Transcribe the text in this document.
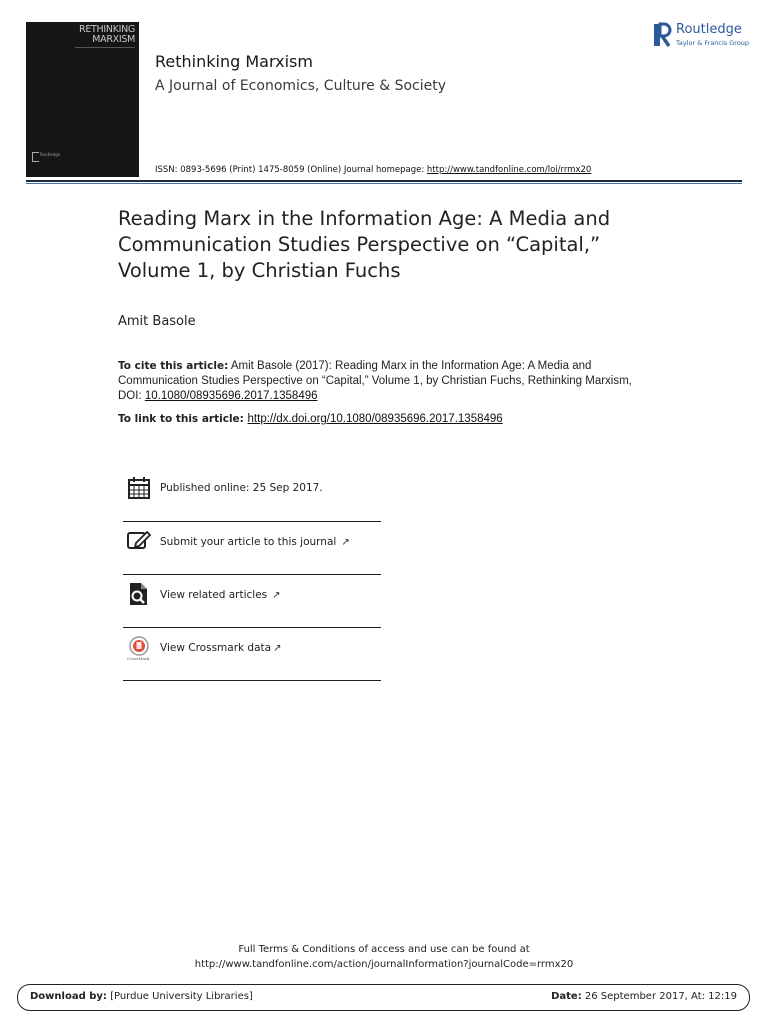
RETHINKING
MARXISM
Routledge
Rethinking Marxism
A Journal of Economics, Culture & Society
ISSN: 0893-5696 (Print) 1475-8059 (Online) Journal homepage: http://www.tandfonline.com/loi/rrmx20
Routledge
Taylor & Francis Group
Reading Marx in the Information Age: A Media and Communication Studies Perspective on “Capital,” Volume 1, by Christian Fuchs
Amit Basole
To cite this article: Amit Basole (2017): Reading Marx in the Information Age: A Media and Communication Studies Perspective on “Capital,” Volume 1, by Christian Fuchs, Rethinking Marxism, DOI: 10.1080/08935696.2017.1358496
To link to this article: http://dx.doi.org/10.1080/08935696.2017.1358496
Published online: 25 Sep 2017.
Submit your article to this journal ↗
View related articles ↗
CrossMark
View Crossmark data ↗
Full Terms & Conditions of access and use can be found at
http://www.tandfonline.com/action/journalInformation?journalCode=rrmx20
Download by: [Purdue University Libraries]	Date: 26 September 2017, At: 12:19
